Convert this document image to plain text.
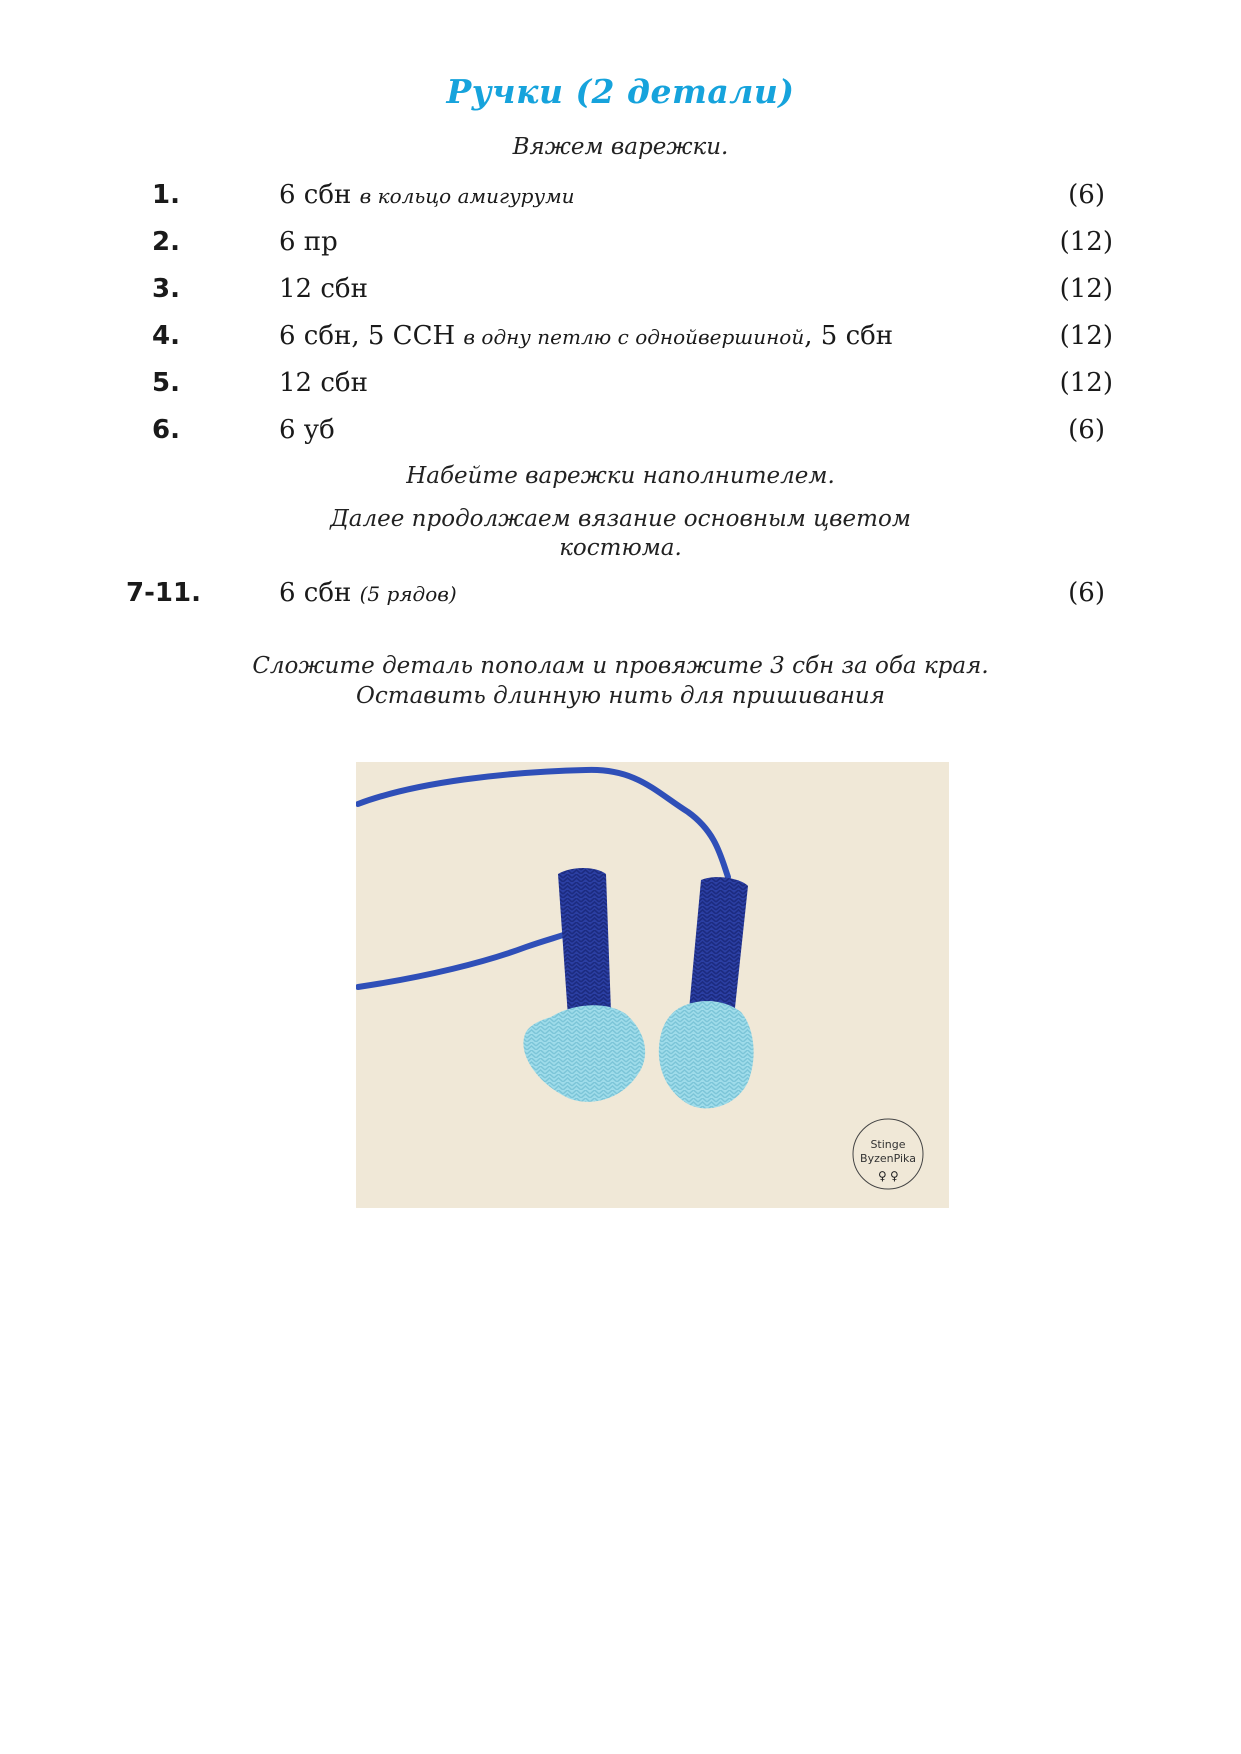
Ручки (2 детали)
Вяжем варежки.
1.	6 сбн в кольцо амигуруми	(6)
2.	6 пр	(12)
3.	12 сбн	(12)
4.	6 сбн, 5 ССН в одну петлю с однойвершиной, 5 сбн	(12)
5.	12 сбн	(12)
6.	6 уб	(6)
Набейте варежки наполнителем.
Далее продолжаем вязание основным цветом
костюма.
7-11.	6 сбн (5 рядов)	(6)
Сложите деталь пополам и провяжите 3 сбн за оба края.
Оставить длинную нить для пришивания
Stinge
ByzenPika
♀ ♀
